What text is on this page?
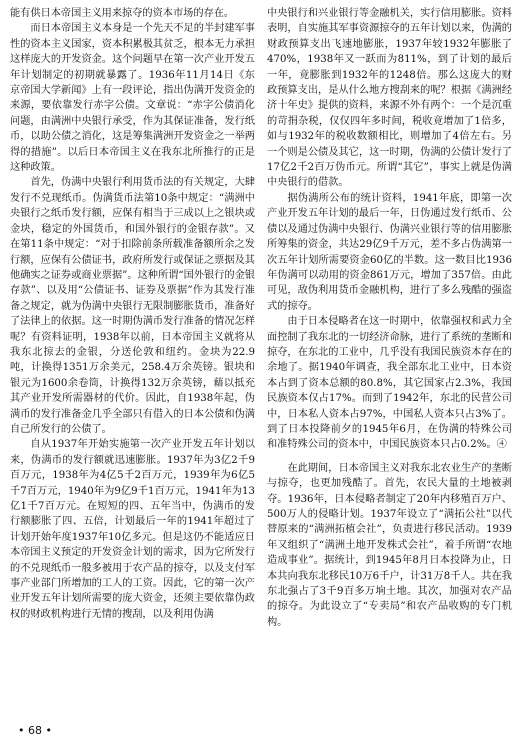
能有供日本帝国主义用来掠夺的资本市场的存在。

而日本帝国主义本身是一个先天不足的半封建军事性的资本主义国家，资本积累极其贫乏，根本无力承担这样庞大的开发资金。这个问题早在第一次产业开发五年计划制定的初期就暴露了。1936年11月14日《东京帝国大学新闻》上有一段评论，指出伪满开发资金的来源，要依靠发行赤字公债。文章说：“赤字公债消化问题，由满洲中央银行承受，作为其保证准备，发行纸币，以助公债之消化，这是筹集满洲开发资金之一举两得的措施”。以后日本帝国主义在我东北所推行的正是这种政策。

首先，伪满中央银行利用货币法的有关规定，大肆发行不兑现纸币。伪满货币法第10条中规定：“满洲中央银行之纸币发行额，应保有相当于三成以上之银块或金块，稳定的外国货币，和国外银行的金银存款”。又在第11条中规定：“对于扣除前条所载准备额所余之发行额，应保有公债证书，政府所发行或保证之票据及其他确实之证券或商业票据”。这种所谓“国外银行的金银存款”、以及用“公债证书、证券及票据”作为其发行准备之规定，就为伪满中央银行无限制膨胀货币，准备好了法律上的依据。这一时期伪满币发行准备的情况怎样呢？有资料证明，1938年以前，日本帝国主义就将从我东北掠去的金银，分送伦敦和纽约。金块为22.9吨，计换得1351万余美元，258.4万余英镑。银块和银元为1600余卷筒，计换得132万余英镑，藉以抵充其产业开发所需器材的代价。因此，自1938年起，伪满币的发行准备金几乎全部只有借入的日本公债和伪满自己所发行的公债了。

自从1937年开始实施第一次产业开发五年计划以来，伪满币的发行额就迅速膨胀。1937年为3亿2千9百万元，1938年为4亿5千2百万元，1939年为6亿5千7百万元，1940年为9亿9千1百万元，1941年为13亿1千7百万元。在短短的四、五年当中，伪满币的发行额膨胀了四、五倍，计划最后一年的1941年超过了计划开始年度1937年10亿多元。但是这仍不能适应日本帝国主义预定的开发资金计划的需求，因为它所发行的不兑现纸币一般多被用于农产品的掠夺，以及支付军事产业部门所增加的工人的工资。因此，它的第一次产业开发五年计划所需要的庞大资金，还须主要依靠伪政权的财政机构进行无情的搜刮，以及利用伪满

中央银行和兴业银行等金融机关，实行信用膨胀。资料表明，自实施其军事资源掠夺的五年计划以来，伪满的财政预算支出飞速地膨胀，1937年较1932年膨胀了470%，1938年又一跃而为811%，到了计划的最后一年，竟膨胀到1932年的1248倍。那么这庞大的财政预算支出，是从什么地方搜刮来的呢？根据《满洲经济十年史》提供的资料，来源不外有两个：一个是沉重的苛捐杂税，仅仅四年多时间，税收竟增加了1倍多，如与1932年的税收数额相比，则增加了4倍左右。另一个则是公债及其它，这一时期，伪满的公债计发行了17亿2千2百万伪币元。所谓“其它”，事实上就是伪满中央银行的借款。

据伪满所公布的统计资料，1941年底，即第一次产业开发五年计划的最后一年，日伪通过发行纸币、公债以及通过伪满中央银行、伪满兴业银行等的信用膨胀所筹集的资金，共达29亿9千万元，差不多占伪满第一次五年计划所需要资金60亿的半数。这一数目比1936年伪满可以动用的资金861万元，增加了357倍。由此可见，敌伪利用货币金融机构，进行了多么残酷的强盗式的掠夺。

由于日本侵略者在这一时期中，依靠强权和武力全面控制了我东北的一切经济命脉，进行了系统的垄断和掠夺，在东北的工业中，几乎没有我国民族资本存在的余地了。据1940年调查，我全部东北工业中，日本资本占到了资本总额的80.8%，其它国家占2.3%，我国民族资本仅占17%。而到了1942年，东北的民营公司中，日本私人资本占97%，中国私人资本只占3%了。到了日本投降前夕的1945年6月，在伪满的特殊公司和准特殊公司的资本中，中国民族资本只占0.2%。④

在此期间，日本帝国主义对我东北农业生产的垄断与掠夺，也更加残酷了。首先，农民大量的土地被剥夺。1936年，日本侵略者制定了20年内移殖百万户、500万人的侵略计划。1937年设立了“满拓公社”以代替原来的“满洲拓植会社”，负责进行移民活动。1939年又组织了“满洲土地开发株式会社”，着手所谓“农地造成事业”。据统计，到1945年8月日本投降为止，日本共向我东北移民10万6千户，计31万8千人。共在我东北强占了3千9百多万垧土地。其次，加强对农产品的掠夺。为此设立了“专卖局”和农产品收购的专门机构。

• 68 •
